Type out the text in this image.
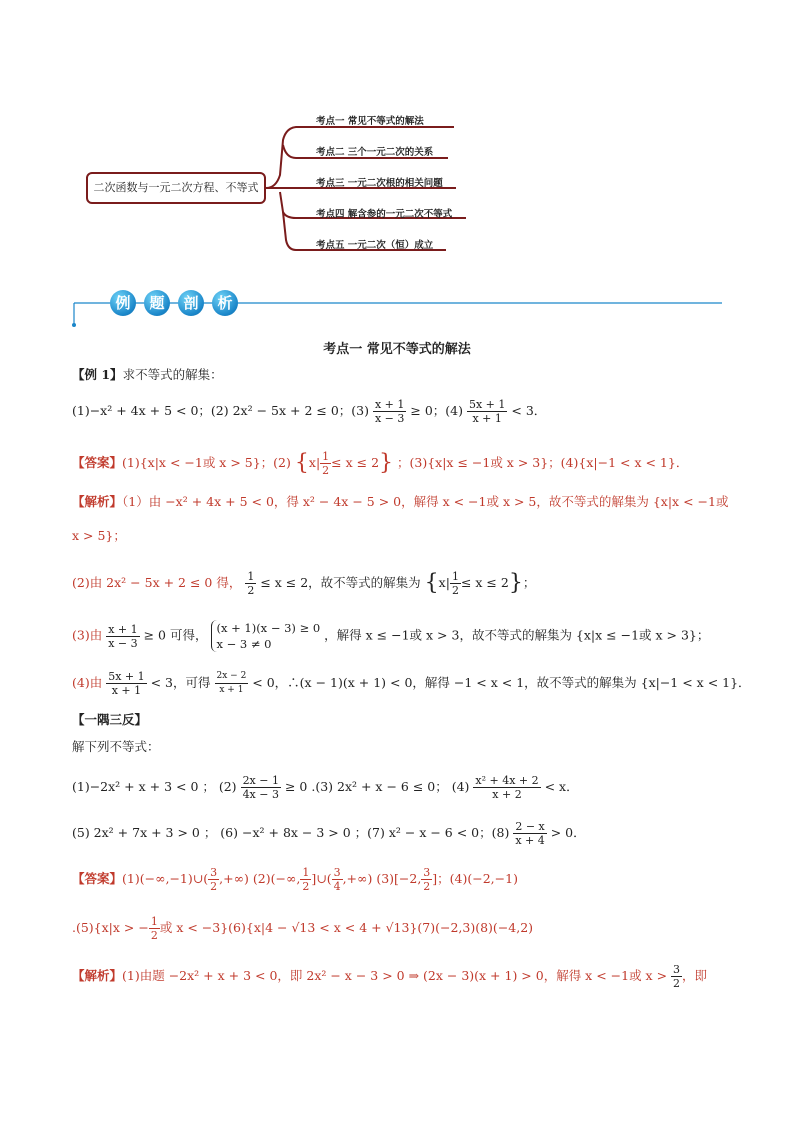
二次函数与一元二次方程、不等式
考点一 常见不等式的解法
考点二 三个一元二次的关系
考点三 一元二次根的相关问题
考点四 解含参的一元二次不等式
考点五 一元二次（恒）成立
例	题	剖	析
考点一 常见不等式的解法
【例 1】求不等式的解集：
(1)−x² + 4x + 5 < 0；(2) 2x² − 5x + 2 ≤ 0；$(3) \frac{x + 1}{x - 3} \ge 0$；$(4) \frac{5x + 1}{x + 1} < 3$．
【答案】(1){x|x < −1或 x > 5}；(2) $\{x| \frac{1}{2} \le x \le 2\}$ ；(3){x|x ≤ −1或 x > 3}；(4){x|−1 < x < 1}．
【解析】（1）由 −x² + 4x + 5 < 0，得 x² − 4x − 5 > 0，解得 x < −1或 x > 5，故不等式的解集为 {x|x < −1或
x > 5}；
(2)由 2x² − 5x + 2 ≤ 0 得， $\frac{1}{2} \le x \le 2$，故不等式的解集为 $\{x| \frac{1}{2} \le x \le 2\}$；
(3)由 $\frac{x + 1}{x - 3} \ge 0$ 可得， (x + 1)(x − 3) ≥ 0
x − 3 ≠ 0
，解得 x ≤ −1或 x > 3，故不等式的解集为 {x|x ≤ −1或 x > 3}；
(4)由 $\frac{5x + 1}{x + 1} < 3$，可得 $\frac{2x - 2}{x + 1} < 0$，∴(x − 1)(x + 1) < 0，解得 −1 < x < 1，故不等式的解集为 {x|−1 < x < 1}．
【一隅三反】
解下列不等式：
(1)−2x² + x + 3 < 0 ； $(2) \frac{2x - 1}{4x - 3} \ge 0$ .(3) 2x² + x − 6 ≤ 0； $(4) \frac{\text{x² + 4x + 2}}{x + 2} < x$．
(5) 2x² + 7x + 3 > 0 ； (6) −x² + 8x − 3 > 0 ；(7) x² − x − 6 < 0；$(8) \frac{2 - x}{x + 4} > 0$．
【答案】(1)(−∞,−1)∪( $\frac{3}{2}$ ,+∞) (2)(−∞, $\frac{1}{2}$ ]∪( $\frac{3}{4}$ ,+∞) (3)[−2, $\frac{3}{2}$ ]；(4)(−2,−1)
.(5){x|x > − $\frac{1}{2}$ 或 x < −3}(6){x|4 − √13 < x < 4 + √13}(7)(−2,3)(8)(−4,2)
【解析】(1)由题 −2x² + x + 3 < 0，即 2x² − x − 3 > 0 ⇒ (2x − 3)(x + 1) > 0，解得 x < −1或 $x > \frac{3}{2}$ ，即
